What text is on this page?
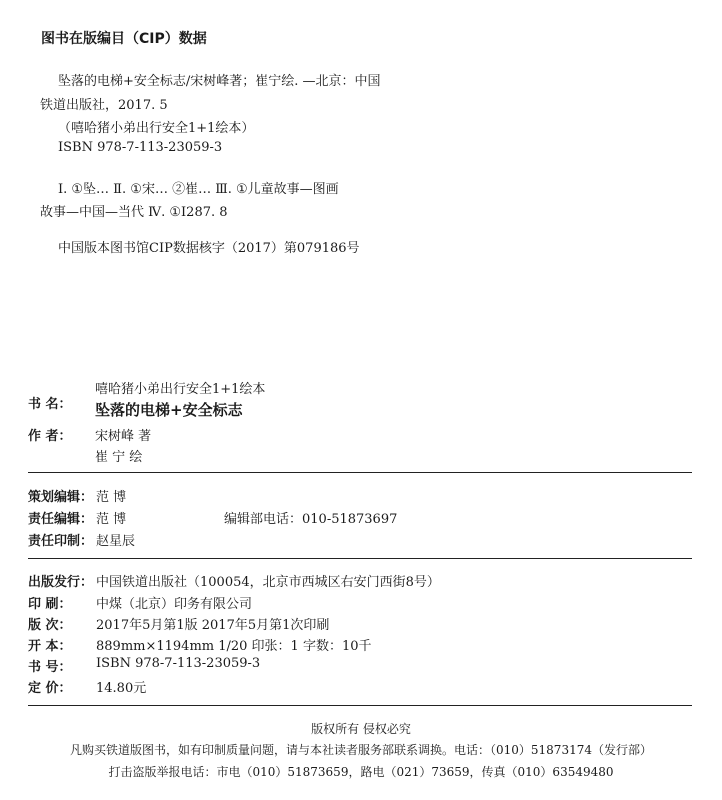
图书在版编目（CIP）数据
坠落的电梯+安全标志/宋树峰著；崔宁绘. —北京：中国
铁道出版社，2017. 5
（嘻哈猪小弟出行安全1+1绘本）
ISBN 978-7-113-23059-3
Ⅰ. ①坠… Ⅱ. ①宋… ②崔… Ⅲ. ①儿童故事—图画
故事—中国—当代 Ⅳ. ①I287. 8
中国版本图书馆CIP数据核字（2017）第079186号
书 名：
嘻哈猪小弟出行安全1+1绘本
坠落的电梯+安全标志
作 者： 宋树峰 著
崔 宁 绘
策划编辑： 范 博
责任编辑： 范 博	编辑部电话：010-51873697
责任印制： 赵星辰
出版发行： 中国铁道出版社（100054，北京市西城区右安门西街8号）
印 刷： 中煤（北京）印务有限公司
版 次： 2017年5月第1版 2017年5月第1次印刷
开 本： 889mm×1194mm 1/20 印张：1 字数：10千
书 号： ISBN 978-7-113-23059-3
定 价： 14.80元
版权所有 侵权必究
凡购买铁道版图书，如有印制质量问题，请与本社读者服务部联系调换。电话：（010）51873174（发行部）
打击盗版举报电话：市电（010）51873659，路电（021）73659，传真（010）63549480
